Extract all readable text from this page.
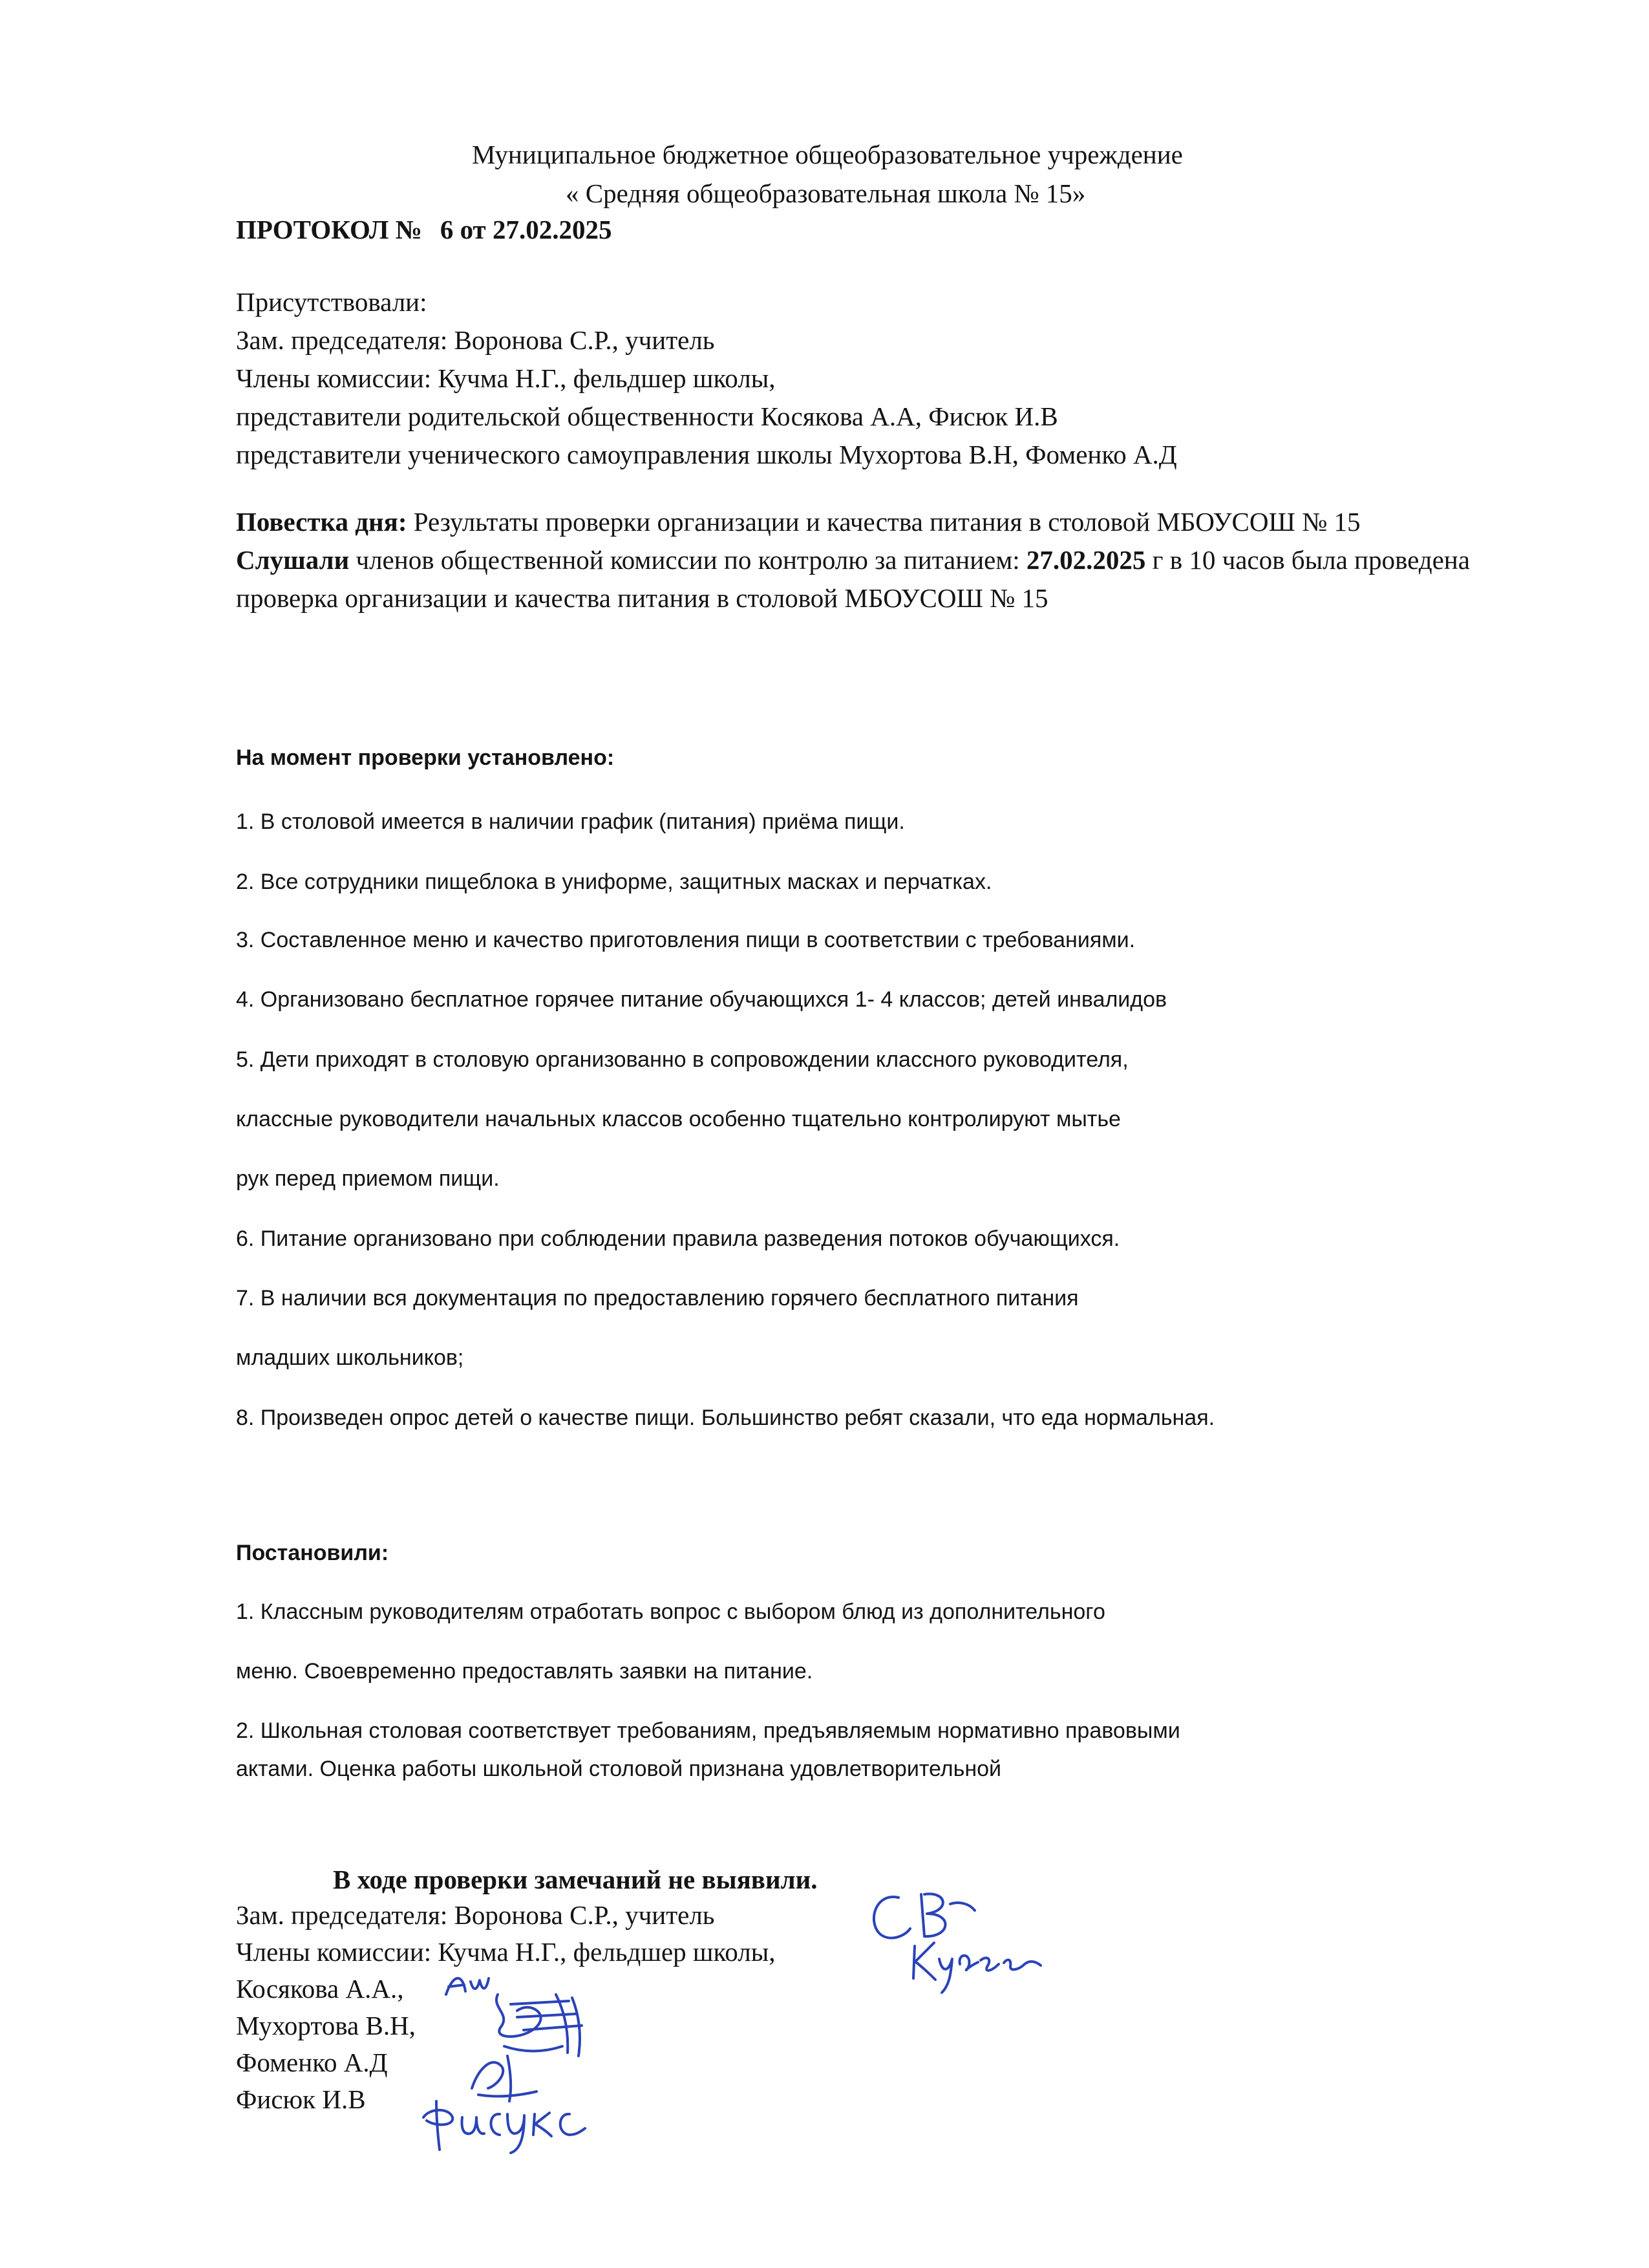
Муниципальное бюджетное общеобразовательное учреждение
« Средняя общеобразовательная школа № 15»
ПРОТОКОЛ № 6 от 27.02.2025
Присутствовали:
Зам. председателя: Воронова С.Р., учитель
Члены комиссии: Кучма Н.Г., фельдшер школы,
представители родительской общественности Косякова А.А, Фисюк И.В
представители ученического самоуправления школы Мухортова В.Н, Фоменко А.Д

Повестка дня: Результаты проверки организации и качества питания в столовой МБОУСОШ № 15

Слушали членов общественной комиссии по контролю за питанием: 27.02.2025 г в 10 часов была проведена проверка организации и качества питания в столовой МБОУСОШ № 15

На момент проверки установлено:
1. В столовой имеется в наличии график (питания) приёма пищи.
2. Все сотрудники пищеблока в униформе, защитных масках и перчатках.
3. Составленное меню и качество приготовления пищи в соответствии с требованиями.
4. Организовано бесплатное горячее питание обучающихся 1- 4 классов; детей инвалидов
5. Дети приходят в столовую организованно в сопровождении классного руководителя,
классные руководители начальных классов особенно тщательно контролируют мытье
рук перед приемом пищи.
6. Питание организовано при соблюдении правила разведения потоков обучающихся.
7. В наличии вся документация по предоставлению горячего бесплатного питания
младших школьников;
8. Произведен опрос детей о качестве пищи. Большинство ребят сказали, что еда нормальная.
Постановили:
1. Классным руководителям отработать вопрос с выбором блюд из дополнительного
меню. Своевременно предоставлять заявки на питание.
2. Школьная столовая соответствует требованиям, предъявляемым нормативно правовыми
актами. Оценка работы школьной столовой признана удовлетворительной
В ходе проверки замечаний не выявили.
Зам. председателя: Воронова С.Р., учитель
Члены комиссии: Кучма Н.Г., фельдшер школы,
Косякова А.А.,
Мухортова В.Н,
Фоменко А.Д
Фисюк И.В
